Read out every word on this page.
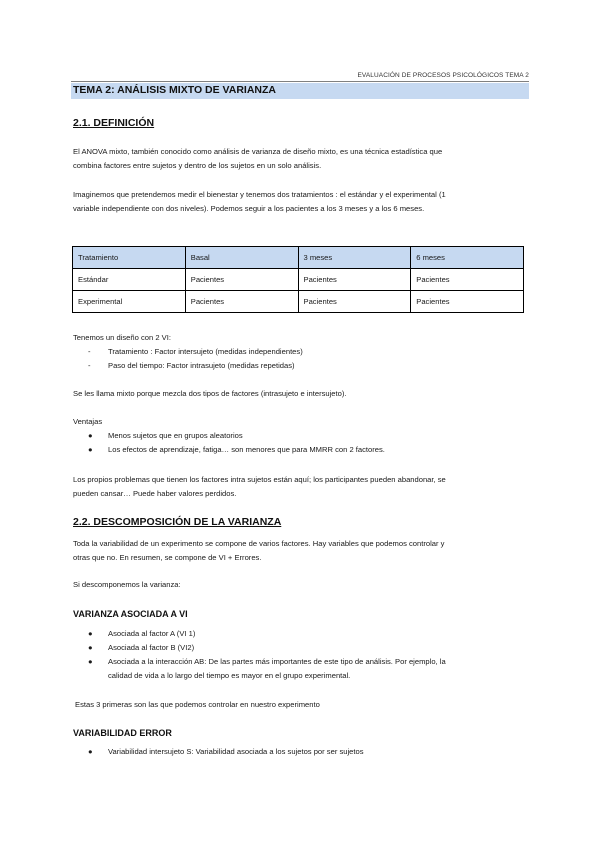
EVALUACIÓN DE PROCESOS PSICOLÓGICOS TEMA 2
TEMA 2: ANÁLISIS MIXTO DE VARIANZA
2.1. DEFINICIÓN
El ANOVA mixto, también conocido como análisis de varianza de diseño mixto, es una técnica estadística que
combina factores entre sujetos y dentro de los sujetos en un solo análisis.
Imaginemos que pretendemos medir el bienestar y tenemos dos tratamientos : el estándar y el experimental (1
variable independiente con dos niveles). Podemos seguir a los pacientes a los 3 meses y a los 6 meses.
Tratamiento	Basal	3 meses	6 meses
Estándar	Pacientes	Pacientes	Pacientes
Experimental	Pacientes	Pacientes	Pacientes
Tenemos un diseño con 2 VI:
-	Tratamiento : Factor intersujeto (medidas independientes)
-	Paso del tiempo: Factor intrasujeto (medidas repetidas)
Se les llama mixto porque mezcla dos tipos de factores (intrasujeto e intersujeto).
Ventajas
●	Menos sujetos que en grupos aleatorios
●	Los efectos de aprendizaje, fatiga… son menores que para MMRR con 2 factores.
Los propios problemas que tienen los factores intra sujetos están aquí; los participantes pueden abandonar, se
pueden cansar… Puede haber valores perdidos.
2.2. DESCOMPOSICIÓN DE LA VARIANZA
Toda la variabilidad de un experimento se compone de varios factores. Hay variables que podemos controlar y
otras que no. En resumen, se compone de VI + Errores.
Si descomponemos la varianza:
VARIANZA ASOCIADA A VI
●	Asociada al factor A (VI 1)
●	Asociada al factor B (VI2)
●	Asociada a la interacción AB: De las partes más importantes de este tipo de análisis. Por ejemplo, la
calidad de vida a lo largo del tiempo es mayor en el grupo experimental.
Estas 3 primeras son las que podemos controlar en nuestro experimento
VARIABILIDAD ERROR
●	Variabilidad intersujeto S: Variabilidad asociada a los sujetos por ser sujetos
